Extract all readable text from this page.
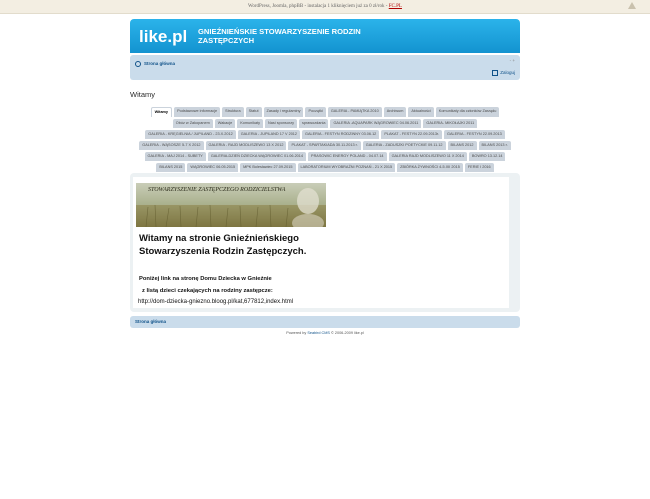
WordPress, Joomla, phpBB - instalacja 1 kliknięciem już za 0 zł/rok - FC.PL
like.pl GNIEŹNIEŃSKIE STOWARZYSZENIE RODZIN ZASTĘPCZYCH
Strona główna
- +
Zaloguj
Witamy
Witamy	Podstawowe informacje	Struktura	Statut	Zasady i regulaminy	Początki	GALERIA - PAMIĄTKA 2010	Archiwum	Aktualności	Komunikaty dla członków Zarządu
Obóz w Zakopanem	Wakacje	Komunikaty	Nasi sponsorzy	sprawozdania	GALERIA -AQUAPARK WĄGROWIEC 04.06.2011	GALERIA- MIKOŁAJKI 2011
GALERIA - KRĘGIELNIA / JUPILAND - 23.X.2012	GALERIA - JUPILAND 17 V 2012	GALERIA - FESTYN RODZINNY 03.06.12	PLAKAT - FESTYN 22.09.2013r.	GALERIA - FESTYN 22.09.2013
GALERIA - WĄSOSZE 5-7 X 2012	GALERIA - RAJD MODLISZEWO 13 X 2012	PLAKAT - SPARTAKIADA 30.11.2013 r.	GALERIA - ZADUSZKI POETYCKIE 09.11.12	BILANS 2012	BILANS 2013 r.
GALERIA - MAJ 2014 - SUBETY	GALERIA-DZIEŃ DZIECKA WĄGROWIEC 01.06.2014	PRASOWIC ENERGY POLAND - 04.07.14	GALERIA RAJD MODLISZEWO 11 X 2014	BOWRO 13.12.14
BILANS 2015	WĄGROWIEC 06.05.2015	MPK Bolesławiec 27.09.2015	LABORATORIUM WYOBRAŹNI POZNAŃ - 21 X 2015	ZBIÓRKA ŻYWNOŚCI 4-5.XII 2015	FERIE I 2016
STOWARZYSZENIE ZASTĘPCZEGO RODZICIELSTWA
Witamy na stronie Gnieźnieńskiego Stowarzyszenia Rodzin Zastępczych.
Poniżej link na stronę Domu Dziecka w Gnieźnie
z listą dzieci czekających na rodziny zastępcze:
http://dom-dziecka-gniezno.bloog.pl/kat,677812,index.html
Strona główna
Powered by Seabird CMS © 2006-2009 like.pl
